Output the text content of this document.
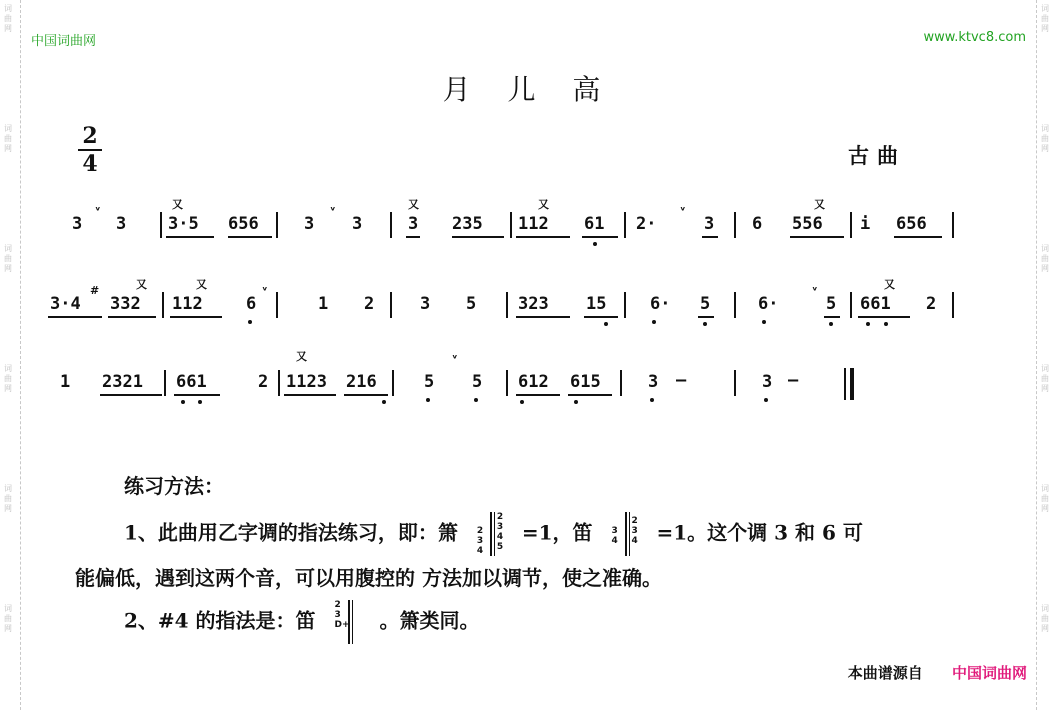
词
曲
网
词
曲
网
词
曲
网
词
曲
网
词
曲
网
词
曲
网
词
曲
网
词
曲
网
词
曲
网
词
曲
网
词
曲
网
词
曲
网
中国词曲网	www.ktvc8.com
月 儿 高
古曲
2
4
3
ᵛ
3
又
3·5 656	3
ᵛ
3
又
3 235
又
112 61 2·
ᵛ
3 6
又
556 i 656
#
3·4
又
332
又
112	6
ᵛ
1 2	3 5 323 15	6· 5	6·
ᵛ
5
又
661 2
1 2321 661	2
又
1123 216	5
ᵛ
5 612 615	3 —	3 —
练习方法：
1、此曲用乙字调的指法练习，即：箫
2
3
4
5
2
3
4
=1，笛	2
3
4
3
4 =1。这个调 3 和 6 可
能偏低，遇到这两个音，可以用腹控的 方法加以调节，使之准确。
2、#4 的指法是：笛
2
3
D+ 。箫类同。
本曲谱源自 中国词曲网
